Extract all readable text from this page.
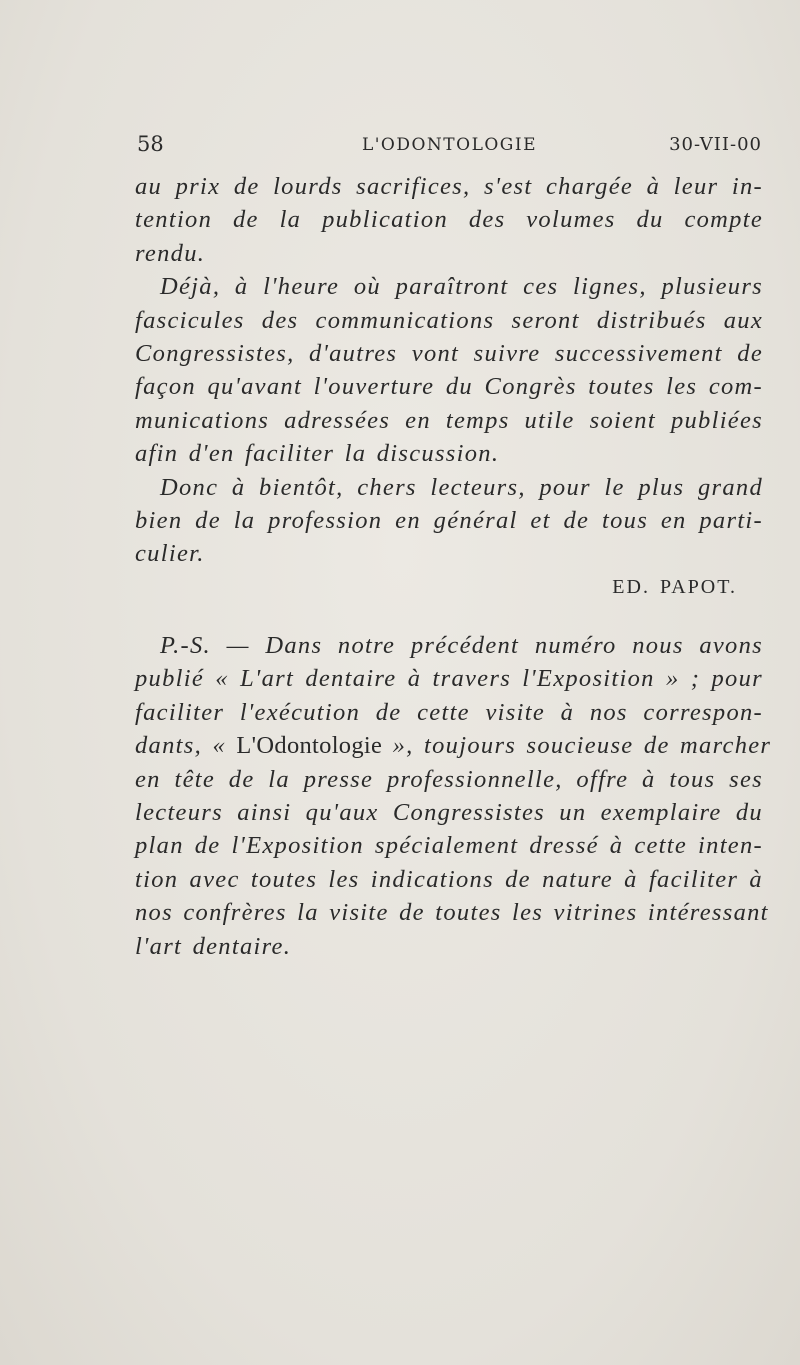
58	L'ODONTOLOGIE	30-VII-00
au prix de lourds sacrifices, s'est chargée à leur in-
tention de la publication des volumes du compte
rendu.
Déjà, à l'heure où paraîtront ces lignes, plusieurs
fascicules des communications seront distribués aux
Congressistes, d'autres vont suivre successivement de
façon qu'avant l'ouverture du Congrès toutes les com-
munications adressées en temps utile soient publiées
afin d'en faciliter la discussion.
Donc à bientôt, chers lecteurs, pour le plus grand
bien de la profession en général et de tous en parti-
culier.
ED. PAPOT.
P.-S. — Dans notre précédent numéro nous avons
publié « L'art dentaire à travers l'Exposition » ; pour
faciliter l'exécution de cette visite à nos correspon-
dants, « L'Odontologie », toujours soucieuse de marcher
en tête de la presse professionnelle, offre à tous ses
lecteurs ainsi qu'aux Congressistes un exemplaire du
plan de l'Exposition spécialement dressé à cette inten-
tion avec toutes les indications de nature à faciliter à
nos confrères la visite de toutes les vitrines intéressant
l'art dentaire.
